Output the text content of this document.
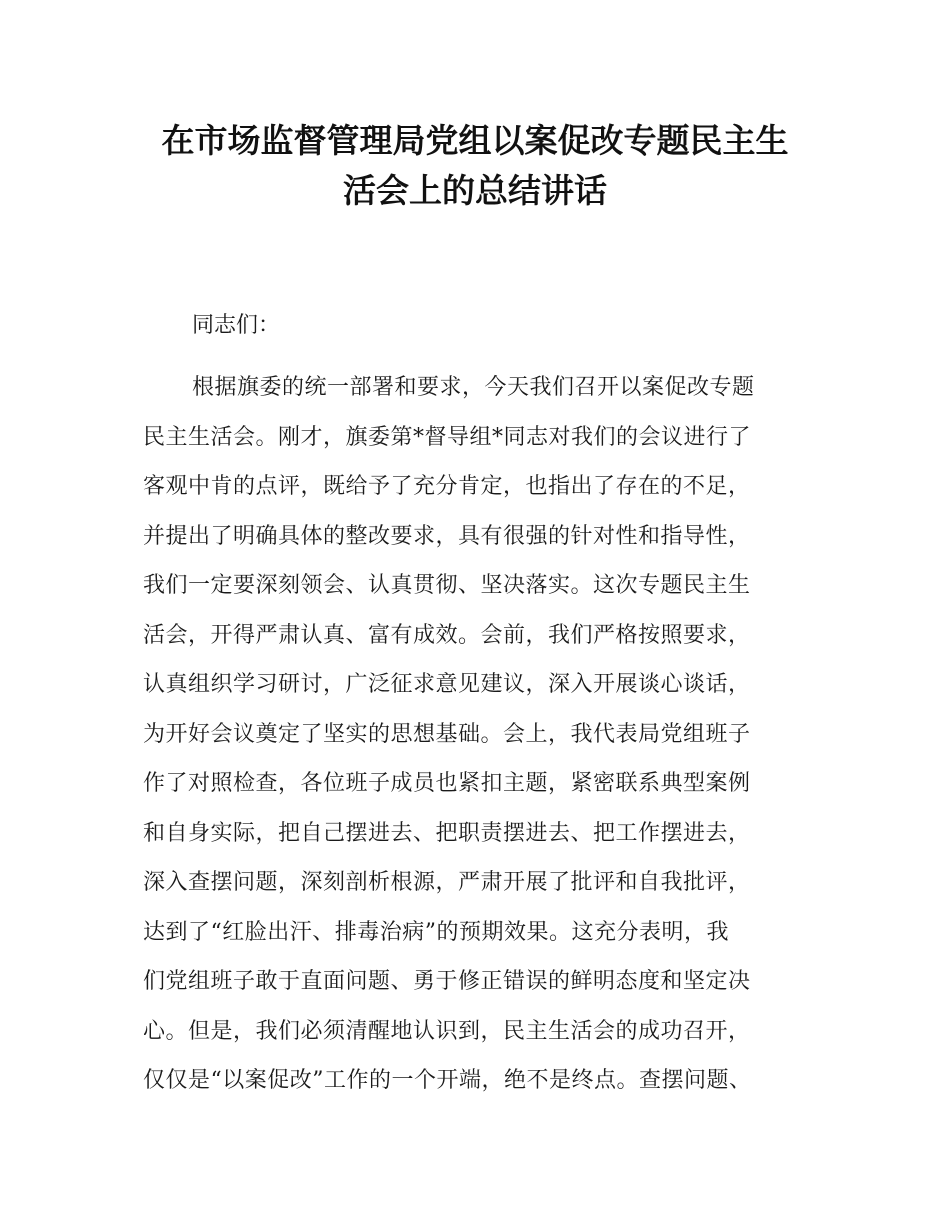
在市场监督管理局党组以案促改专题民主生
活会上的总结讲话

同志们：

根据旗委的统一部署和要求，今天我们召开以案促改专题
民主生活会。刚才，旗委第*督导组*同志对我们的会议进行了
客观中肯的点评，既给予了充分肯定，也指出了存在的不足，
并提出了明确具体的整改要求，具有很强的针对性和指导性，
我们一定要深刻领会、认真贯彻、坚决落实。这次专题民主生
活会，开得严肃认真、富有成效。会前，我们严格按照要求，
认真组织学习研讨，广泛征求意见建议，深入开展谈心谈话，
为开好会议奠定了坚实的思想基础。会上，我代表局党组班子
作了对照检查，各位班子成员也紧扣主题，紧密联系典型案例
和自身实际，把自己摆进去、把职责摆进去、把工作摆进去，
深入查摆问题，深刻剖析根源，严肃开展了批评和自我批评，
达到了“红脸出汗、排毒治病”的预期效果。这充分表明，我
们党组班子敢于直面问题、勇于修正错误的鲜明态度和坚定决
心。但是，我们必须清醒地认识到，民主生活会的成功召开，
仅仅是“以案促改”工作的一个开端，绝不是终点。查摆问题、
